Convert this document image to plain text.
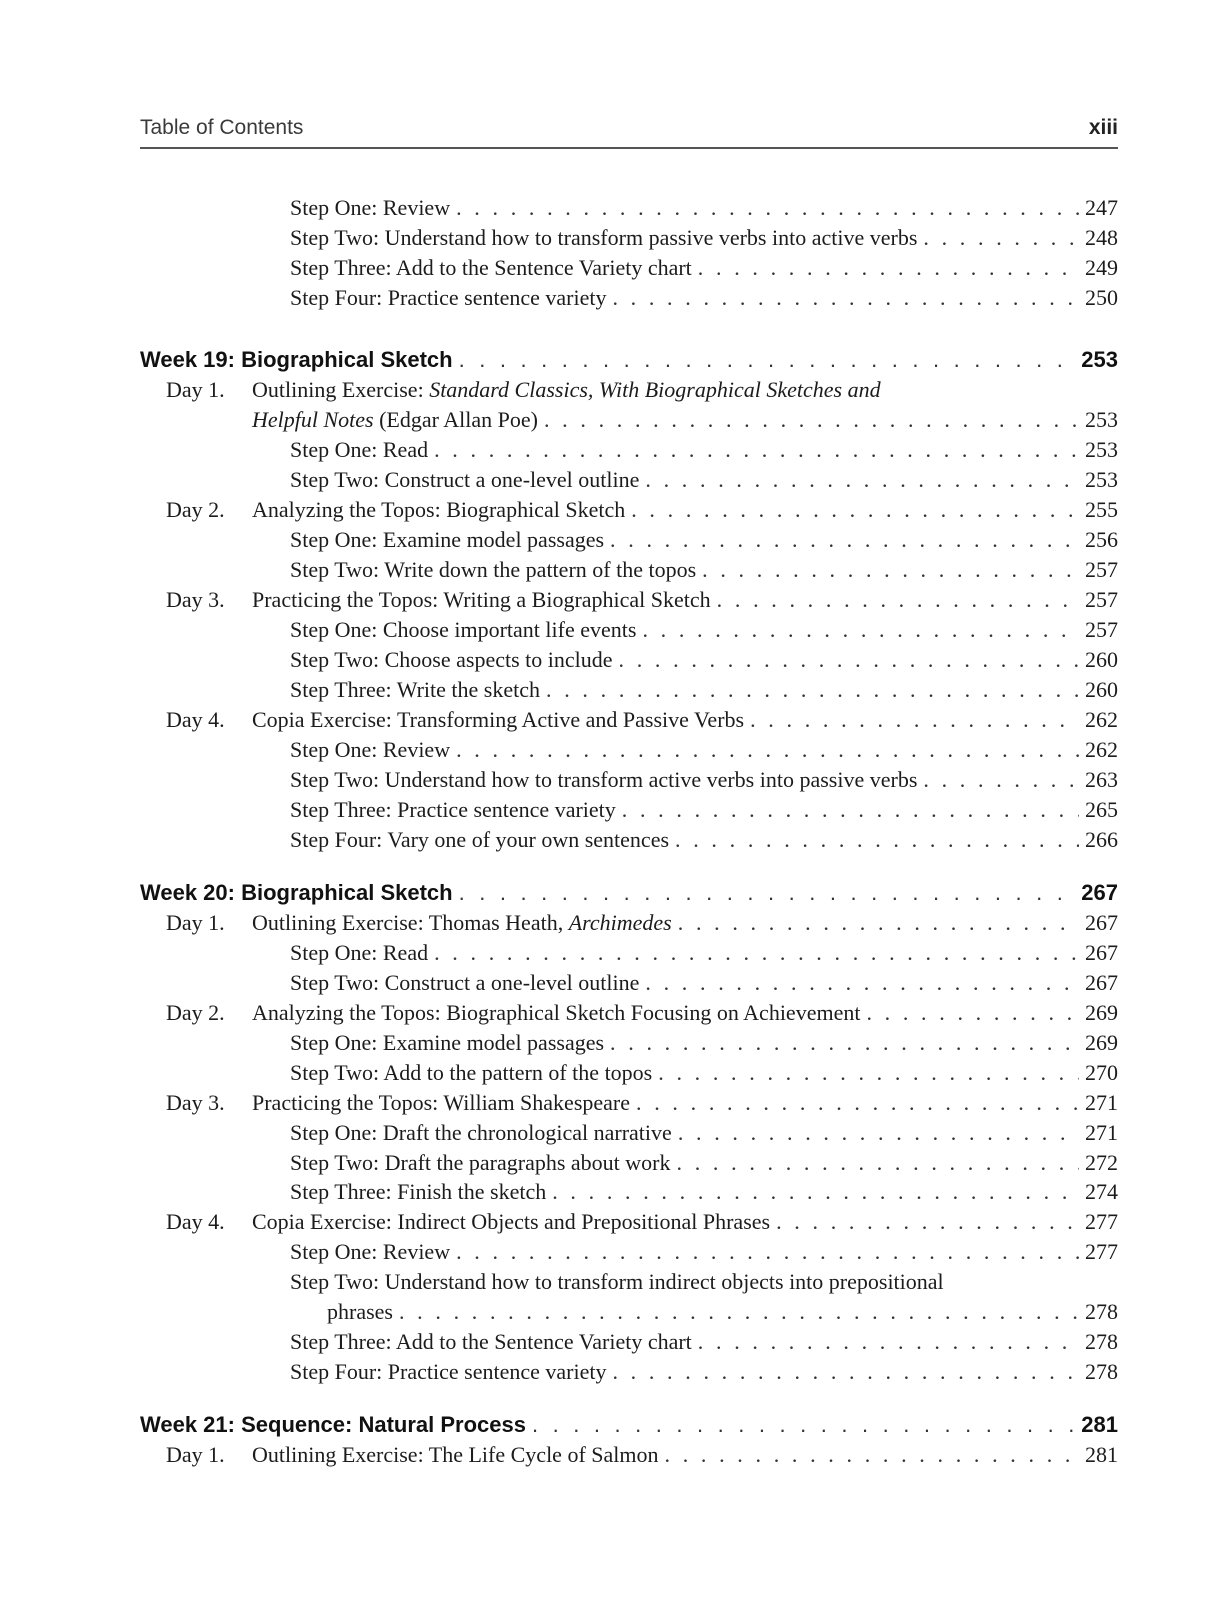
Table of Contents	xiii
Step One: Review . . .	247
Step Two: Understand how to transform passive verbs into active verbs . . .	248
Step Three: Add to the Sentence Variety chart . . .	249
Step Four: Practice sentence variety . . .	250
Week 19: Biographical Sketch . . .	253
Day 1.	Outlining Exercise: Standard Classics, With Biographical Sketches and
Helpful Notes (Edgar Allan Poe) . . .	253
Step One: Read . . .	253
Step Two: Construct a one-level outline . . .	253
Day 2.	Analyzing the Topos: Biographical Sketch . . .	255
Step One: Examine model passages . . .	256
Step Two: Write down the pattern of the topos . . .	257
Day 3.	Practicing the Topos: Writing a Biographical Sketch . . .	257
Step One: Choose important life events . . .	257
Step Two: Choose aspects to include . . .	260
Step Three: Write the sketch . . .	260
Day 4.	Copia Exercise: Transforming Active and Passive Verbs . . .	262
Step One: Review . . .	262
Step Two: Understand how to transform active verbs into passive verbs . . .	263
Step Three: Practice sentence variety . . .	265
Step Four: Vary one of your own sentences . . .	266
Week 20: Biographical Sketch . . .	267
Day 1.	Outlining Exercise: Thomas Heath, Archimedes . . .	267
Step One: Read . . .	267
Step Two: Construct a one-level outline . . .	267
Day 2.	Analyzing the Topos: Biographical Sketch Focusing on Achievement . . .	269
Step One: Examine model passages . . .	269
Step Two: Add to the pattern of the topos . . .	270
Day 3.	Practicing the Topos: William Shakespeare . . .	271
Step One: Draft the chronological narrative . . .	271
Step Two: Draft the paragraphs about work . . .	272
Step Three: Finish the sketch . . .	274
Day 4.	Copia Exercise: Indirect Objects and Prepositional Phrases . . .	277
Step One: Review . . .	277
Step Two: Understand how to transform indirect objects into prepositional
phrases . . .	278
Step Three: Add to the Sentence Variety chart . . .	278
Step Four: Practice sentence variety . . .	278
Week 21: Sequence: Natural Process . . .	281
Day 1.	Outlining Exercise: The Life Cycle of Salmon . . .	281
